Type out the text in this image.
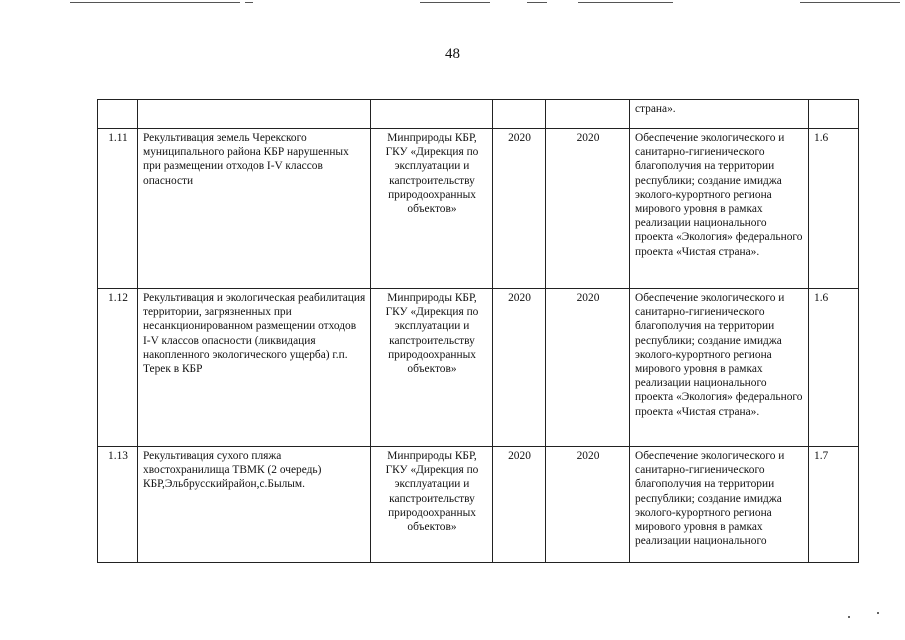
48
					страна».	
1.11	Рекультивация земель Черекского муниципального района КБР нарушенных при размещении отходов I-V классов опасности	Минприроды КБР, ГКУ «Дирекция по эксплуатации и капстроительству природоохранных объектов»	2020	2020	Обеспечение экологического и санитарно-гигиенического благополучия на территории республики; создание имиджа эколого-курортного региона мирового уровня в рамках реализации национального проекта «Экология» федерального проекта «Чистая страна».	1.6
1.12	Рекультивация и экологическая реабилитация территории, загрязненных при несанкционированном размещении отходов I-V классов опасности (ликвидация накопленного экологического ущерба) г.п. Терек в КБР	Минприроды КБР, ГКУ «Дирекция по эксплуатации и капстроительству природоохранных объектов»	2020	2020	Обеспечение экологического и санитарно-гигиенического благополучия на территории республики; создание имиджа эколого-курортного региона мирового уровня в рамках реализации национального проекта «Экология» федерального проекта «Чистая страна».	1.6
1.13	Рекультивация сухого пляжа хвостохранилища ТВМК (2 очередь) КБР,Эльбрусскийрайон,с.Былым.	Минприроды КБР, ГКУ «Дирекция по эксплуатации и капстроительству природоохранных объектов»	2020	2020	Обеспечение экологического и санитарно-гигиенического благополучия на территории республики; создание имиджа эколого-курортного региона мирового уровня в рамках реализации национального	1.7
